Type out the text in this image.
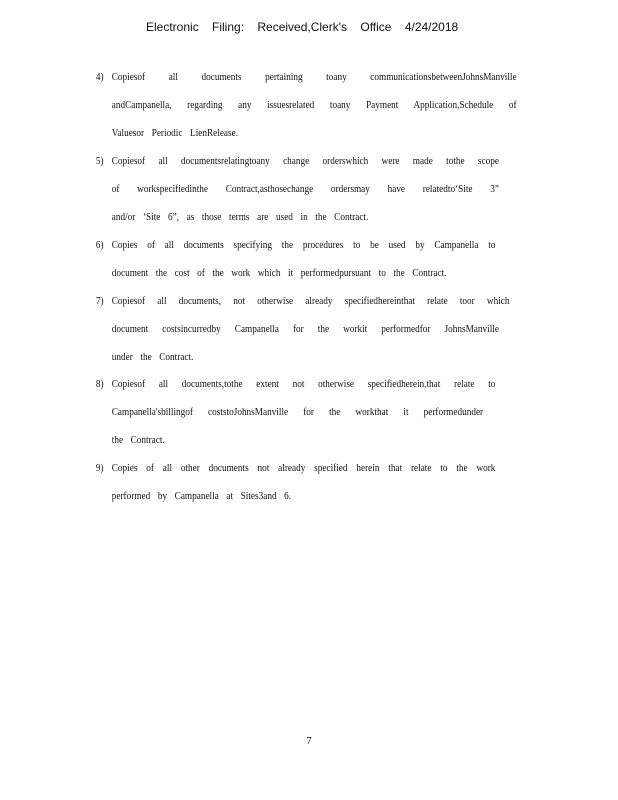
Electronic Filing: Received,Clerk's Office 4/24/2018
4) Copiesof all documents pertaining toany communicationsbetweenJohnsManville
andCampanella, regarding any issuesrelated toany Payment Application,Schedule of
Valuesor Periodic LienRelease.
5) Copiesof all documentsrelatingtoany change orderswhich were made tothe scope
of workspecifiedinthe Contract,asthosechange ordersmay have relatedto‘Site 3”
and/or ‘Site 6”, as those terms are used in the Contract.
6) Copies of all documents specifying the procedures to be used by Campanella to
document the cost of the work which it performedpursuant to the Contract.
7) Copiesof all documents, not otherwise already specifiedhereinthat relate toor which
document costsincurredby Campanella for the workit performedfor JohnsManville
under the Contract.
8) Copiesof all documents,tothe extent not otherwise specifiedherein,that relate to
Campanella'sbillingof coststoJohnsManville for the workthat it performedunder
the Contract.
9) Copies of all other documents not already specified herein that relate to the work
performed by Campanella at Sites3and 6.
7
